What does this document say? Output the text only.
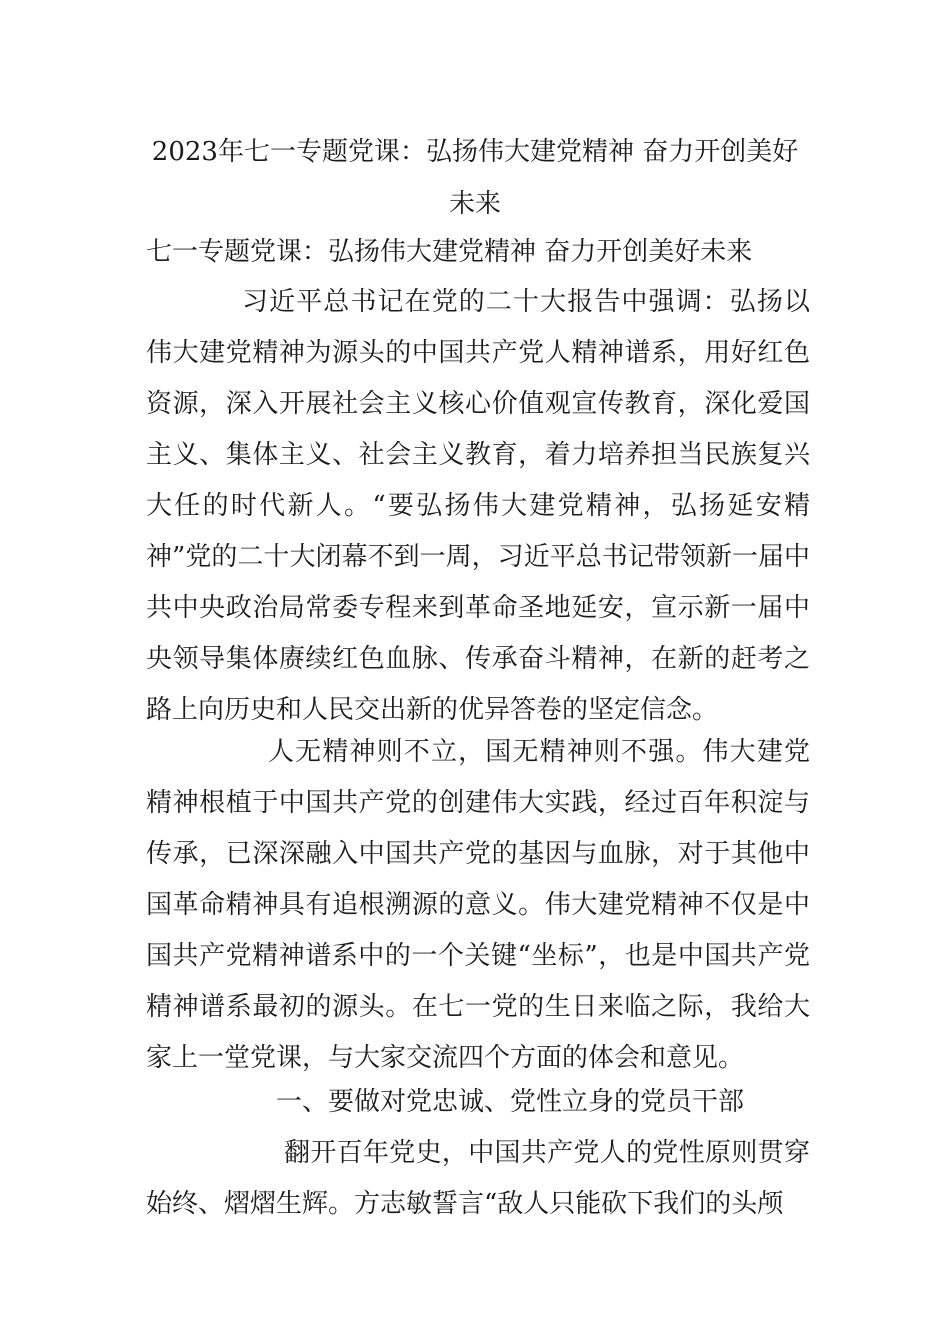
2023年七一专题党课：弘扬伟大建党精神 奋力开创美好未来

七一专题党课：弘扬伟大建党精神 奋力开创美好未来

习近平总书记在党的二十大报告中强调：弘扬以伟大建党精神为源头的中国共产党人精神谱系，用好红色资源，深入开展社会主义核心价值观宣传教育，深化爱国主义、集体主义、社会主义教育，着力培养担当民族复兴大任的时代新人。“要弘扬伟大建党精神，弘扬延安精神”党的二十大闭幕不到一周，习近平总书记带领新一届中共中央政治局常委专程来到革命圣地延安，宣示新一届中央领导集体赓续红色血脉、传承奋斗精神，在新的赶考之路上向历史和人民交出新的优异答卷的坚定信念。

人无精神则不立，国无精神则不强。伟大建党精神根植于中国共产党的创建伟大实践，经过百年积淀与传承，已深深融入中国共产党的基因与血脉，对于其他中国革命精神具有追根溯源的意义。伟大建党精神不仅是中国共产党精神谱系中的一个关键“坐标”，也是中国共产党精神谱系最初的源头。在七一党的生日来临之际，我给大家上一堂党课，与大家交流四个方面的体会和意见。

一、要做对党忠诚、党性立身的党员干部

翻开百年党史，中国共产党人的党性原则贯穿始终、熠熠生辉。方志敏誓言“敌人只能砍下我们的头颅
